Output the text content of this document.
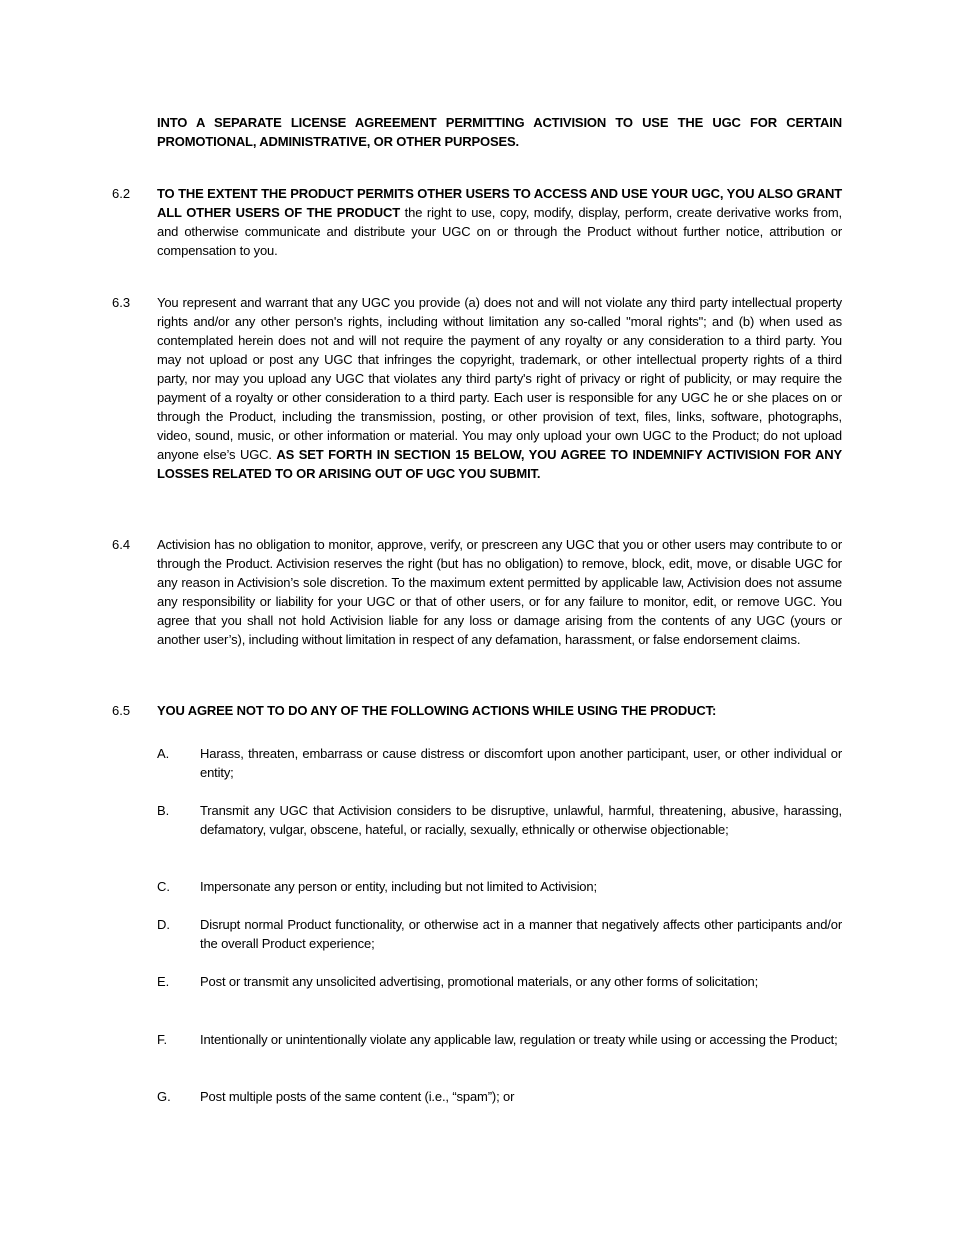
INTO A SEPARATE LICENSE AGREEMENT PERMITTING ACTIVISION TO USE THE UGC FOR CERTAIN PROMOTIONAL, ADMINISTRATIVE, OR OTHER PURPOSES.
6.2 TO THE EXTENT THE PRODUCT PERMITS OTHER USERS TO ACCESS AND USE YOUR UGC, YOU ALSO GRANT ALL OTHER USERS OF THE PRODUCT the right to use, copy, modify, display, perform, create derivative works from, and otherwise communicate and distribute your UGC on or through the Product without further notice, attribution or compensation to you.
6.3 You represent and warrant that any UGC you provide (a) does not and will not violate any third party intellectual property rights and/or any other person's rights, including without limitation any so-called "moral rights"; and (b) when used as contemplated herein does not and will not require the payment of any royalty or any consideration to a third party. You may not upload or post any UGC that infringes the copyright, trademark, or other intellectual property rights of a third party, nor may you upload any UGC that violates any third party's right of privacy or right of publicity, or may require the payment of a royalty or other consideration to a third party. Each user is responsible for any UGC he or she places on or through the Product, including the transmission, posting, or other provision of text, files, links, software, photographs, video, sound, music, or other information or material. You may only upload your own UGC to the Product; do not upload anyone else’s UGC. AS SET FORTH IN SECTION 15 BELOW, YOU AGREE TO INDEMNIFY ACTIVISION FOR ANY LOSSES RELATED TO OR ARISING OUT OF UGC YOU SUBMIT.
6.4 Activision has no obligation to monitor, approve, verify, or prescreen any UGC that you or other users may contribute to or through the Product. Activision reserves the right (but has no obligation) to remove, block, edit, move, or disable UGC for any reason in Activision’s sole discretion. To the maximum extent permitted by applicable law, Activision does not assume any responsibility or liability for your UGC or that of other users, or for any failure to monitor, edit, or remove UGC. You agree that you shall not hold Activision liable for any loss or damage arising from the contents of any UGC (yours or another user’s), including without limitation in respect of any defamation, harassment, or false endorsement claims.
6.5 YOU AGREE NOT TO DO ANY OF THE FOLLOWING ACTIONS WHILE USING THE PRODUCT:
A. Harass, threaten, embarrass or cause distress or discomfort upon another participant, user, or other individual or entity;
B. Transmit any UGC that Activision considers to be disruptive, unlawful, harmful, threatening, abusive, harassing, defamatory, vulgar, obscene, hateful, or racially, sexually, ethnically or otherwise objectionable;
C. Impersonate any person or entity, including but not limited to Activision;
D. Disrupt normal Product functionality, or otherwise act in a manner that negatively affects other participants and/or the overall Product experience;
E. Post or transmit any unsolicited advertising, promotional materials, or any other forms of solicitation;
F.	Intentionally or unintentionally violate any applicable law, regulation or treaty while using or accessing the Product;
G. Post multiple posts of the same content (i.e., “spam”); or
